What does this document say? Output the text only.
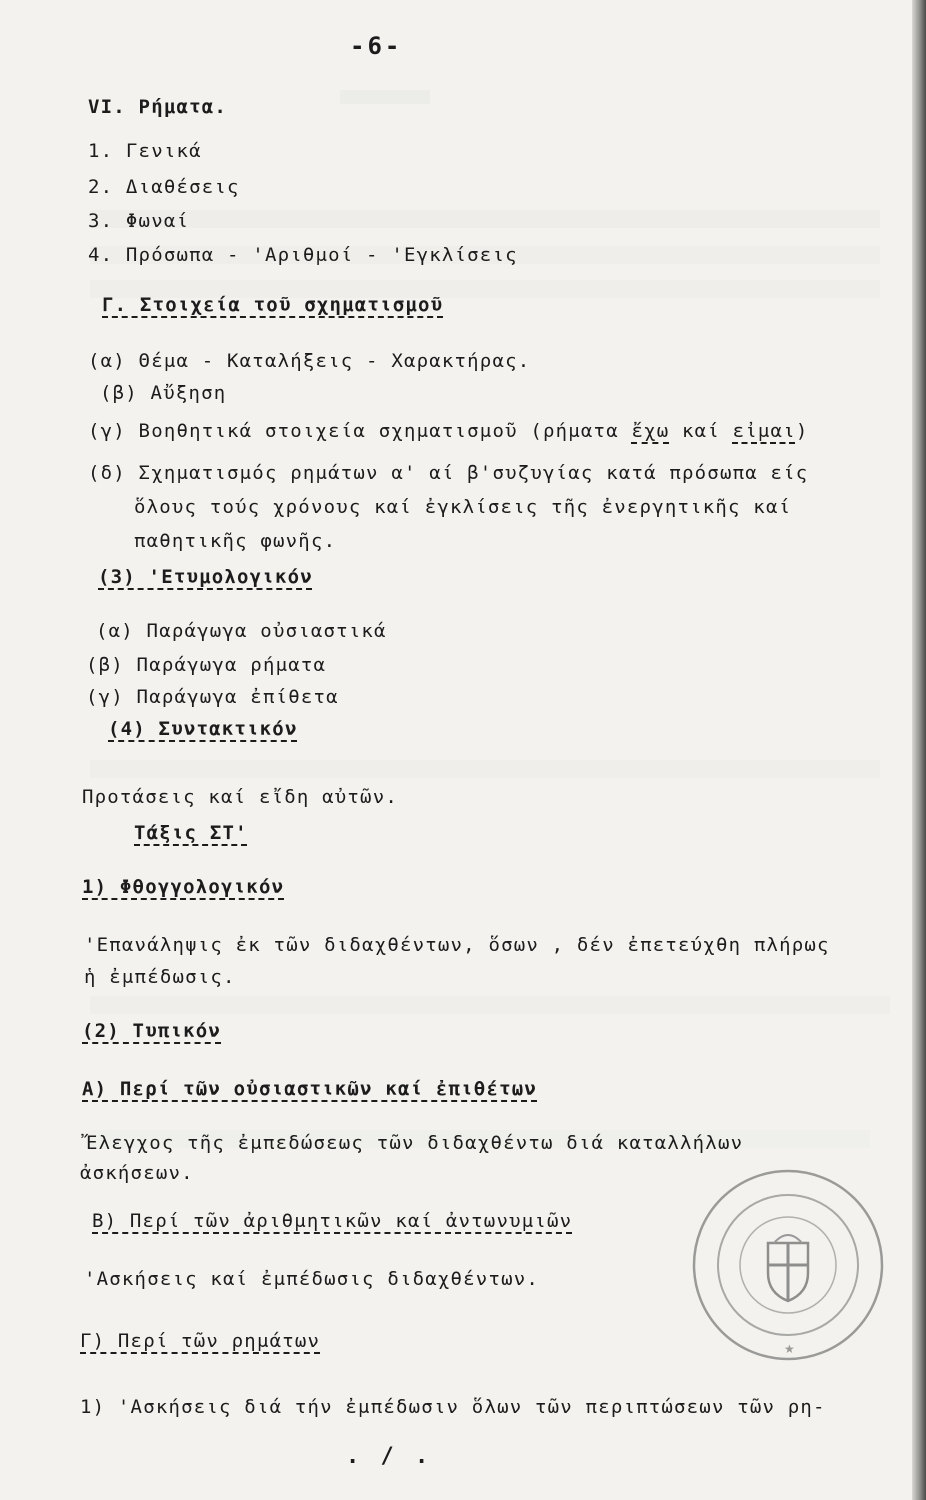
-6-
VI. Ρήματα.
1. Γενικά
2. Διαθέσεις
3. Φωναί
4. Πρόσωπα - 'Αριθμοί - 'Εγκλίσεις
Γ. Στοιχεία τοῦ σχηματισμοῦ
(α) Θέμα - Καταλήξεις - Χαρακτήρας.
(β) Αὔξηση
(γ) Βοηθητικά στοιχεία σχηματισμοῦ (ρήματα ἔχω καί εἰμαι)
(δ) Σχηματισμός ρημάτων α' αί β'συζυγίας κατά πρόσωπα είς
ὅλους τούς χρόνους καί ἐγκλίσεις τῆς ἐνεργητικῆς καί
παθητικῆς φωνῆς.
(3) 'Ετυμολογικόν
(α) Παράγωγα οὐσιαστικά
(β) Παράγωγα ρήματα
(γ) Παράγωγα ἐπίθετα
(4) Συντακτικόν
Προτάσεις καί εἴδη αὐτῶν.
Τάξις ΣΤ'
1) Φθογγολογικόν
'Επανάληψις ἐκ τῶν διδαχθέντων, ὅσων , δέν ἐπετεύχθη πλήρως
ἡ ἐμπέδωσις.
(2) Τυπικόν
Α) Περί τῶν οὐσιαστικῶν καί ἐπιθέτων
Ἔλεγχος τῆς ἐμπεδώσεως τῶν διδαχθέντω διά καταλλήλων
ἀσκήσεων.
Β) Περί τῶν ἀριθμητικῶν καί ἀντωνυμιῶν
'Ασκήσεις καί ἐμπέδωσις διδαχθέντων.
Γ) Περί τῶν ρημάτων
1) 'Ασκήσεις διά τήν ἐμπέδωσιν ὅλων τῶν περιπτώσεων τῶν ρη-
. / .
★
